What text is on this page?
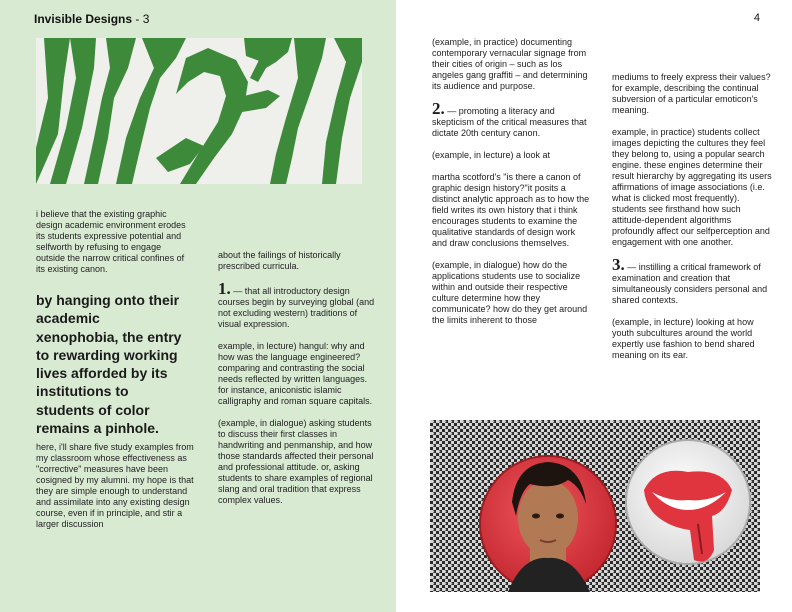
Invisible Designs - 3

i believe that the existing graphic design academic environment erodes its students expressive potential and selfworth by refusing to engage outside the narrow critical confines of its existing canon.

by hanging onto their academic xenophobia, the entry to rewarding working lives afforded by its institutions to students of color remains a pinhole.

here, i'll share five study examples from my classroom whose effectiveness as "corrective" measures have been cosigned by my alumni. my hope is that they are simple enough to understand and assimilate into any existing design course, even if in principle, and stir a larger discussion

about the failings of historically prescribed curricula.

1. — that all introductory design courses begin by surveying global (and not excluding western) traditions of visual expression.

example, in lecture) hangul: why and how was the language engineered? comparing and contrasting the social needs reflected by written languages. for instance, aniconistic islamic calligraphy and roman square capitals.

(example, in dialogue) asking students to discuss their first classes in handwriting and penmanship, and how those standards affected their personal and professional attitude. or, asking students to share examples of regional slang and oral tradition that express complex values.

4

(example, in practice) documenting contemporary vernacular signage from their cities of origin – such as los angeles gang graffiti – and determining its audience and purpose.

2. — promoting a literacy and skepticism of the critical measures that dictate 20th century canon.

(example, in lecture) a look at

martha scotford's "is there a canon of graphic design history?"it posits a distinct analytic approach as to how the field writes its own history that i think encourages students to examine the qualitative standards of design work and draw conclusions themselves.

(example, in dialogue) how do the applications students use to socialize within and outside their respective culture determine how they communicate? how do they get around the limits inherent to those

mediums to freely express their values? for example, describing the continual subversion of a particular emoticon's meaning.

example, in practice) students collect images depicting the cultures they feel they belong to, using a popular search engine. these engines determine their result hierarchy by aggregating its users affirmations of image associations (i.e. what is clicked most frequently). students see firsthand how such attitude-dependent algorithms profoundly affect our selfperception and engagement with one another.

3. — instilling a critical framework of examination and creation that simultaneously considers personal and shared contexts.

(example, in lecture) looking at how youth subcultures around the world expertly use fashion to bend shared meaning on its ear.
